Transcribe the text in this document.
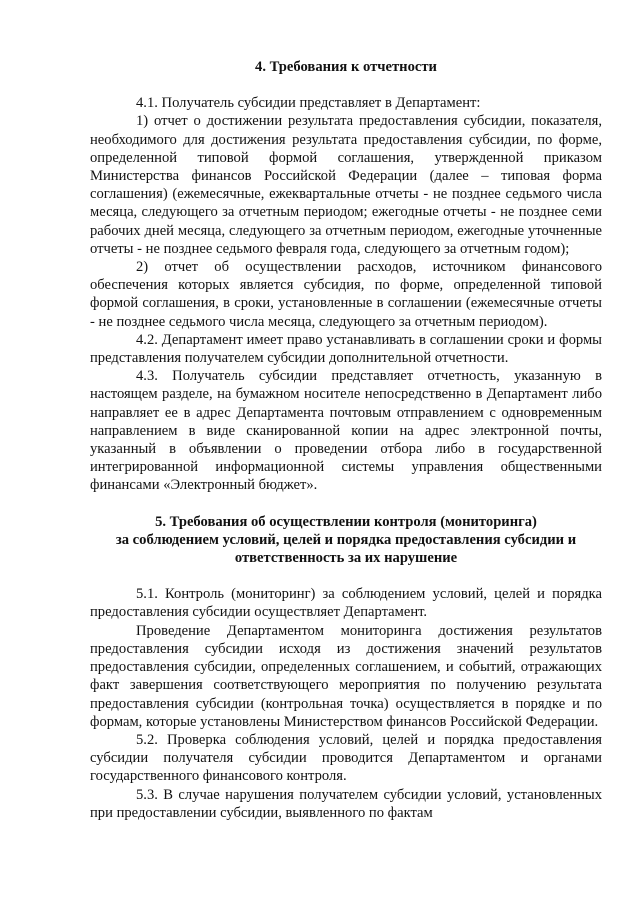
4. Требования к отчетности

4.1. Получатель субсидии представляет в Департамент:

1) отчет о достижении результата предоставления субсидии, показателя, необходимого для достижения результата предоставления субсидии, по форме, определенной типовой формой соглашения, утвержденной приказом Министерства финансов Российской Федерации (далее – типовая форма соглашения) (ежемесячные, ежеквартальные отчеты - не позднее седьмого числа месяца, следующего за отчетным периодом; ежегодные отчеты - не позднее семи рабочих дней месяца, следующего за отчетным периодом, ежегодные уточненные отчеты - не позднее седьмого февраля года, следующего за отчетным годом);

2) отчет об осуществлении расходов, источником финансового обеспечения которых является субсидия, по форме, определенной типовой формой соглашения, в сроки, установленные в соглашении (ежемесячные отчеты - не позднее седьмого числа месяца, следующего за отчетным периодом).

4.2. Департамент имеет право устанавливать в соглашении сроки и формы представления получателем субсидии дополнительной отчетности.

4.3. Получатель субсидии представляет отчетность, указанную в настоящем разделе, на бумажном носителе непосредственно в Департамент либо направляет ее в адрес Департамента почтовым отправлением с одновременным направлением в виде сканированной копии на адрес электронной почты, указанный в объявлении о проведении отбора либо в государственной интегрированной информационной системы управления общественными финансами «Электронный бюджет».

5. Требования об осуществлении контроля (мониторинга)
за соблюдением условий, целей и порядка предоставления субсидии и
ответственность за их нарушение

5.1. Контроль (мониторинг) за соблюдением условий, целей и порядка предоставления субсидии осуществляет Департамент.

Проведение Департаментом мониторинга достижения результатов предоставления субсидии исходя из достижения значений результатов предоставления субсидии, определенных соглашением, и событий, отражающих факт завершения соответствующего мероприятия по получению результата предоставления субсидии (контрольная точка) осуществляется в порядке и по формам, которые установлены Министерством финансов Российской Федерации.

5.2. Проверка соблюдения условий, целей и порядка предоставления субсидии получателя субсидии проводится Департаментом и органами государственного финансового контроля.

5.3. В случае нарушения получателем субсидии условий, установленных при предоставлении субсидии, выявленного по фактам
